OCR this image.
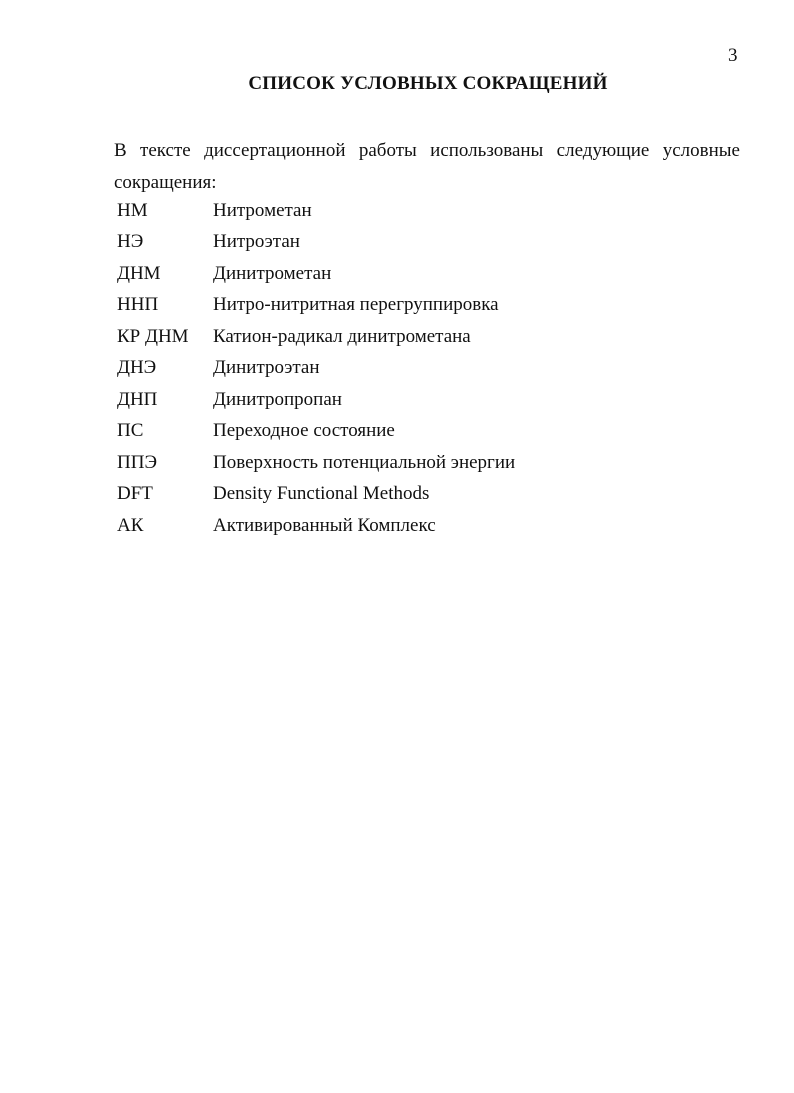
3
СПИСОК УСЛОВНЫХ СОКРАЩЕНИЙ
В тексте диссертационной работы использованы следующие условные сокращения:
НМ	Нитрометан
НЭ	Нитроэтан
ДНМ	Динитрометан
ННП	Нитро-нитритная перегруппировка
КР ДНМ	Катион-радикал динитрометана
ДНЭ	Динитроэтан
ДНП	Динитропропан
ПС	Переходное состояние
ППЭ	Поверхность потенциальной энергии
DFT	Density Functional Methods
АК	Активированный Комплекс
